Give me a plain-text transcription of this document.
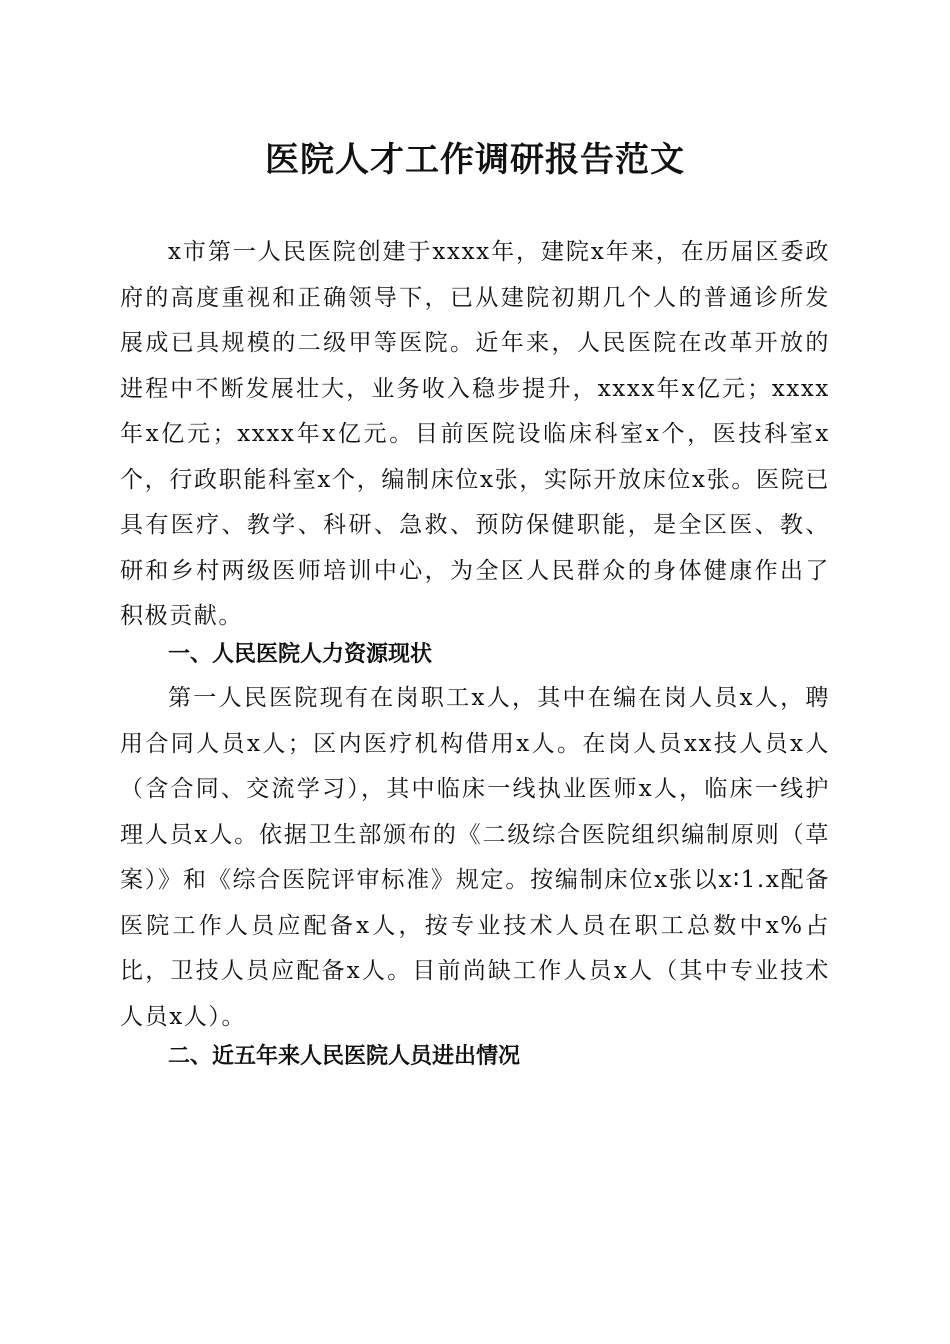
医院人才工作调研报告范文

x市第一人民医院创建于xxxx年，建院x年来，在历届区委政府的高度重视和正确领导下，已从建院初期几个人的普通诊所发展成已具规模的二级甲等医院。近年来，人民医院在改革开放的进程中不断发展壮大，业务收入稳步提升，xxxx年x亿元；xxxx年x亿元；xxxx年x亿元。目前医院设临床科室x个，医技科室x个，行政职能科室x个，编制床位x张，实际开放床位x张。医院已具有医疗、教学、科研、急救、预防保健职能，是全区医、教、研和乡村两级医师培训中心，为全区人民群众的身体健康作出了积极贡献。

一、人民医院人力资源现状

第一人民医院现有在岗职工x人，其中在编在岗人员x人，聘用合同人员x人；区内医疗机构借用x人。在岗人员xx技人员x人（含合同、交流学习），其中临床一线执业医师x人，临床一线护理人员x人。依据卫生部颁布的《二级综合医院组织编制原则（草案）》和《综合医院评审标准》规定。按编制床位x张以x∶1.x配备医院工作人员应配备x人，按专业技术人员在职工总数中x%占比，卫技人员应配备x人。目前尚缺工作人员x人（其中专业技术人员x人）。

二、近五年来人民医院人员进出情况
